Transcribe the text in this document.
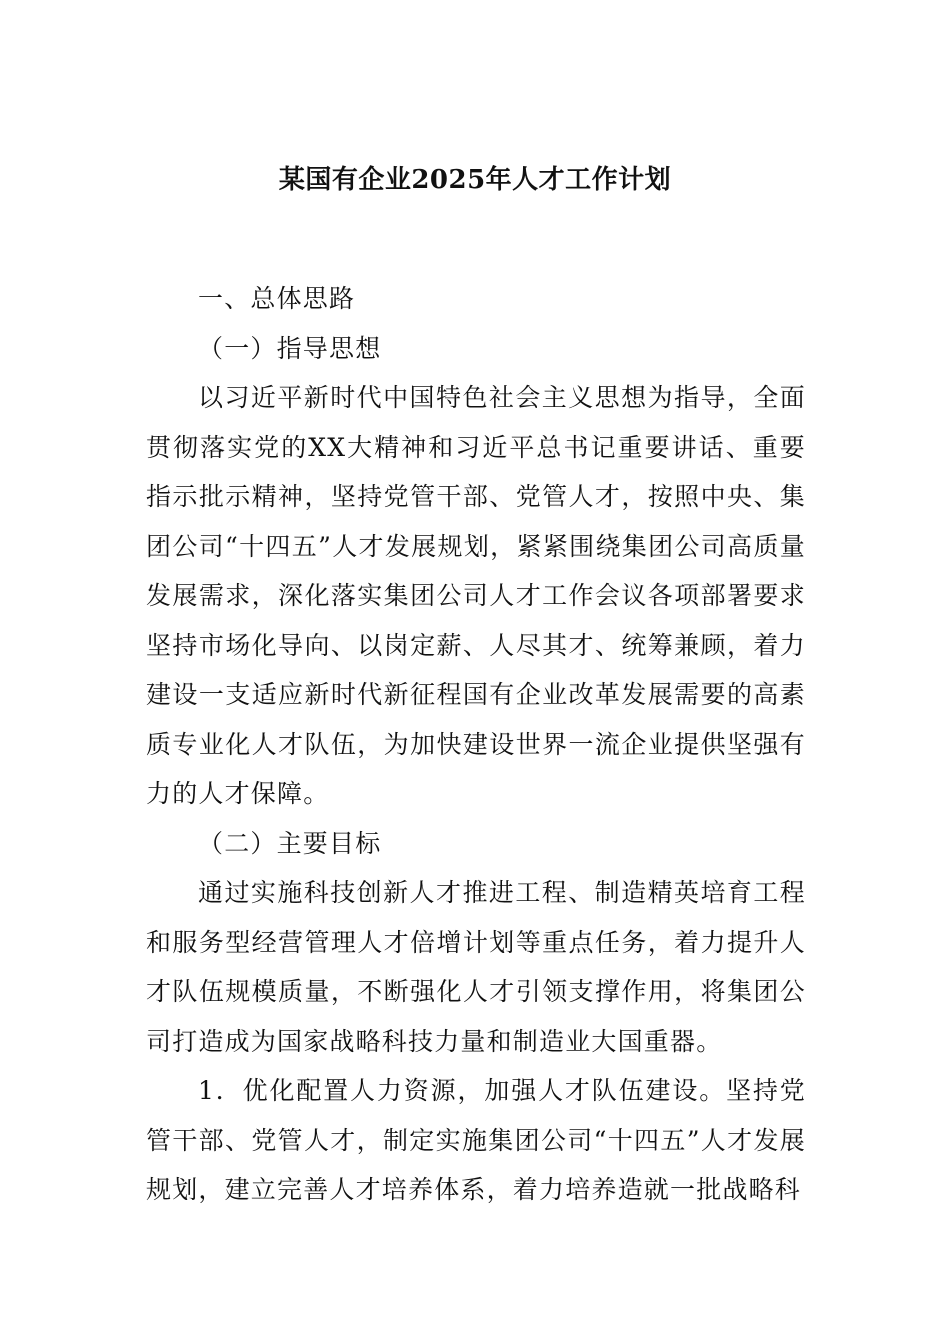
某国有企业2025年人才工作计划

一、总体思路

（一）指导思想

以习近平新时代中国特色社会主义思想为指导，全面贯彻落实党的XX大精神和习近平总书记重要讲话、重要指示批示精神，坚持党管干部、党管人才，按照中央、集团公司“十四五”人才发展规划，紧紧围绕集团公司高质量发展需求，深化落实集团公司人才工作会议各项部署要求坚持市场化导向、以岗定薪、人尽其才、统筹兼顾，着力建设一支适应新时代新征程国有企业改革发展需要的高素质专业化人才队伍，为加快建设世界一流企业提供坚强有力的人才保障。

（二）主要目标

通过实施科技创新人才推进工程、制造精英培育工程和服务型经营管理人才倍增计划等重点任务，着力提升人才队伍规模质量，不断强化人才引领支撑作用，将集团公司打造成为国家战略科技力量和制造业大国重器。

1．优化配置人力资源，加强人才队伍建设。坚持党管干部、党管人才，制定实施集团公司“十四五”人才发展规划，建立完善人才培养体系，着力培养造就一批战略科
